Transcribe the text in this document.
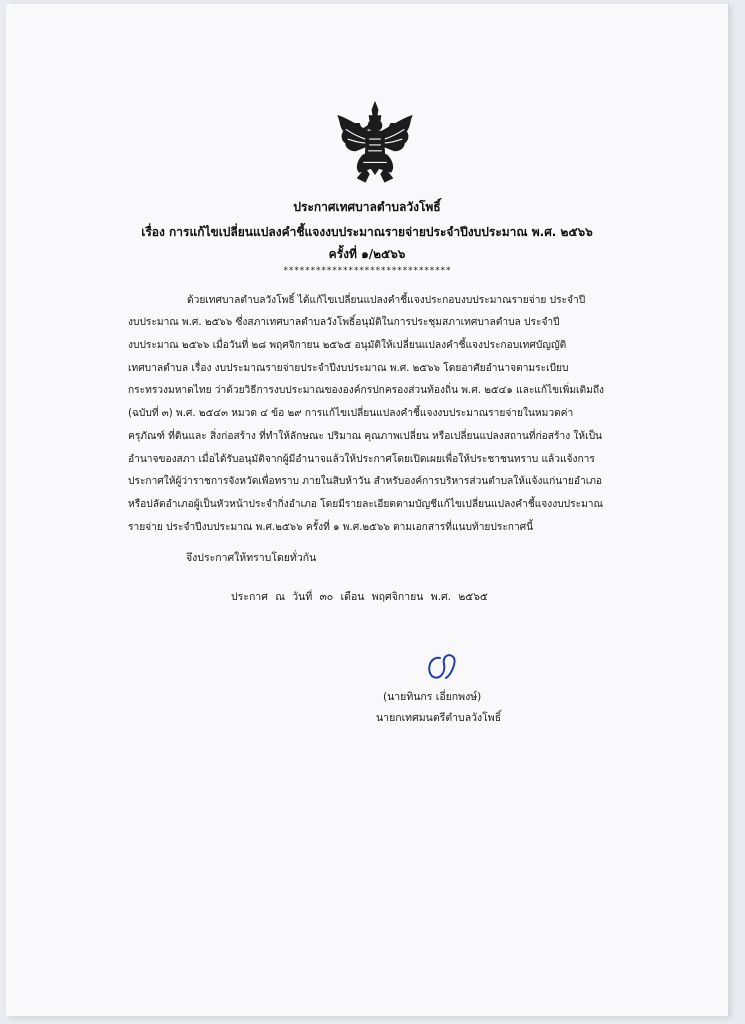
ประกาศเทศบาลตำบลวังโพธิ์
เรื่อง การแก้ไขเปลี่ยนแปลงคำชี้แจงงบประมาณรายจ่ายประจำปีงบประมาณ พ.ศ. ๒๕๖๖
ครั้งที่ ๑/๒๕๖๖
*******************************
ด้วยเทศบาลตำบลวังโพธิ์ ได้แก้ไขเปลี่ยนแปลงคำชี้แจงประกอบงบประมาณรายจ่าย ประจำปี
งบประมาณ พ.ศ. ๒๕๖๖ ซึ่งสภาเทศบาลตำบลวังโพธิ์อนุมัติในการประชุมสภาเทศบาลตำบล ประจำปี
งบประมาณ ๒๕๖๖ เมื่อวันที่ ๒๘ พฤศจิกายน ๒๕๖๕ อนุมัติให้เปลี่ยนแปลงคำชี้แจงประกอบเทศบัญญัติ
เทศบาลตำบล เรื่อง งบประมาณรายจ่ายประจำปีงบประมาณ พ.ศ. ๒๕๖๖ โดยอาศัยอำนาจตามระเบียบ
กระทรวงมหาดไทย ว่าด้วยวิธีการงบประมาณขององค์กรปกครองส่วนท้องถิ่น พ.ศ. ๒๕๔๑ และแก้ไขเพิ่มเติมถึง
(ฉบับที่ ๓) พ.ศ. ๒๕๔๓ หมวด ๔ ข้อ ๒๙ การแก้ไขเปลี่ยนแปลงคำชี้แจงงบประมาณรายจ่ายในหมวดค่า
ครุภัณฑ์ ที่ดินและ สิ่งก่อสร้าง ที่ทำให้ลักษณะ ปริมาณ คุณภาพเปลี่ยน หรือเปลี่ยนแปลงสถานที่ก่อสร้าง ให้เป็น
อำนาจของสภา เมื่อได้รับอนุมัติจากผู้มีอำนาจแล้วให้ประกาศโดยเปิดเผยเพื่อให้ประชาชนทราบ แล้วแจ้งการ
ประกาศให้ผู้ว่าราชการจังหวัดเพื่อทราบ ภายในสิบห้าวัน สำหรับองค์การบริหารส่วนตำบลให้แจ้งแก่นายอำเภอ
หรือปลัดอำเภอผู้เป็นหัวหน้าประจำกิ่งอำเภอ โดยมีรายละเอียดตามบัญชีแก้ไขเปลี่ยนแปลงคำชี้แจงงบประมาณ
รายจ่าย ประจำปีงบประมาณ พ.ศ.๒๕๖๖ ครั้งที่ ๑ พ.ศ.๒๕๖๖ ตามเอกสารที่แนบท้ายประกาศนี้
จึงประกาศให้ทราบโดยทั่วกัน
ประกาศ ณ วันที่ ๓๐ เดือน พฤศจิกายน พ.ศ. ๒๕๖๕
(นายทินกร เอี่ยกพงษ์)
นายกเทศมนตรีตำบลวังโพธิ์
